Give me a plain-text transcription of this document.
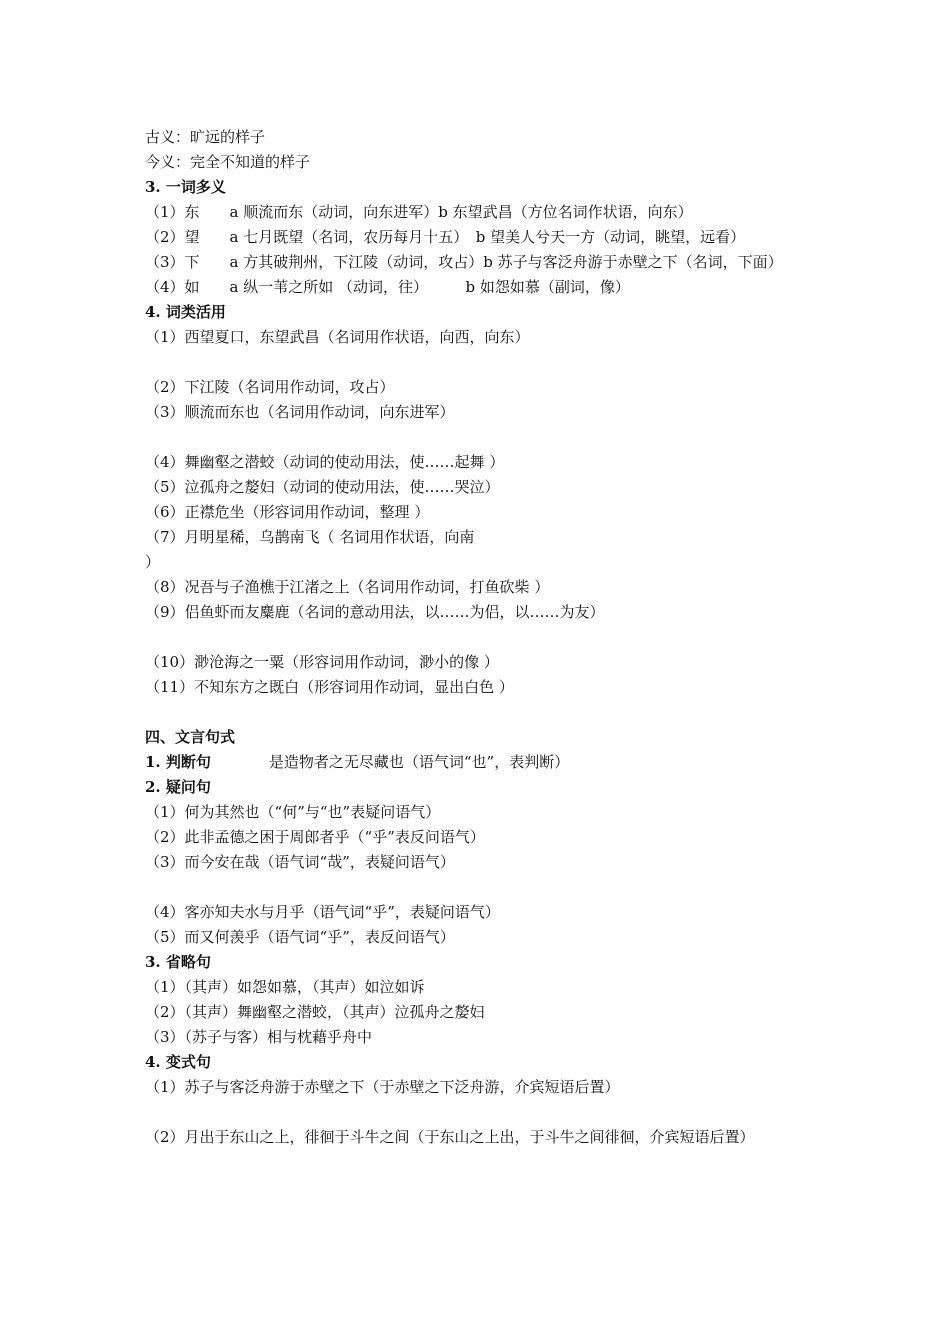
古义：旷远的样子
今义：完全不知道的样子
3. 一词多义
（1）东　　a 顺流而东（动词，向东进军）b 东望武昌（方位名词作状语，向东）
（2）望　　a 七月既望（名词，农历每月十五）　b 望美人兮天一方（动词，眺望，远看）
（3）下　　a 方其破荆州，下江陵（动词，攻占）b 苏子与客泛舟游于赤壁之下（名词，下面）
（4）如　　a 纵一苇之所如 （动词，往）　　　b 如怨如慕（副词，像）
4. 词类活用
（1）西望夏口，东望武昌（名词用作状语，向西，向东）
（2）下江陵（名词用作动词，攻占）
（3）顺流而东也（名词用作动词，向东进军）
（4）舞幽壑之潜蛟（动词的使动用法，使……起舞 ）
（5）泣孤舟之嫠妇（动词的使动用法，使……哭泣）
（6）正襟危坐（形容词用作动词，整理 ）
（7）月明星稀，乌鹊南飞（ 名词用作状语，向南
）
（8）况吾与子渔樵于江渚之上（名词用作动词，打鱼砍柴 ）
（9）侣鱼虾而友麋鹿（名词的意动用法，以……为侣，以……为友）
（10）渺沧海之一粟（形容词用作动词，渺小的像 ）
（11）不知东方之既白（形容词用作动词，显出白色 ）
四、文言句式
1. 判断句	是造物者之无尽藏也（语气词“也”，表判断）
2. 疑问句
（1）何为其然也（“何”与“也”表疑问语气）
（2）此非孟德之困于周郎者乎（“乎”表反问语气）
（3）而今安在哉（语气词“哉”，表疑问语气）
（4）客亦知夫水与月乎（语气词“乎”，表疑问语气）
（5）而又何羡乎（语气词“乎”，表反问语气）
3. 省略句
（1）（其声）如怨如慕，（其声）如泣如诉
（2）（其声）舞幽壑之潜蛟，（其声）泣孤舟之嫠妇
（3）（苏子与客）相与枕藉乎舟中
4. 变式句
（1）苏子与客泛舟游于赤壁之下（于赤壁之下泛舟游，介宾短语后置）
（2）月出于东山之上，徘徊于斗牛之间（于东山之上出，于斗牛之间徘徊，介宾短语后置）
